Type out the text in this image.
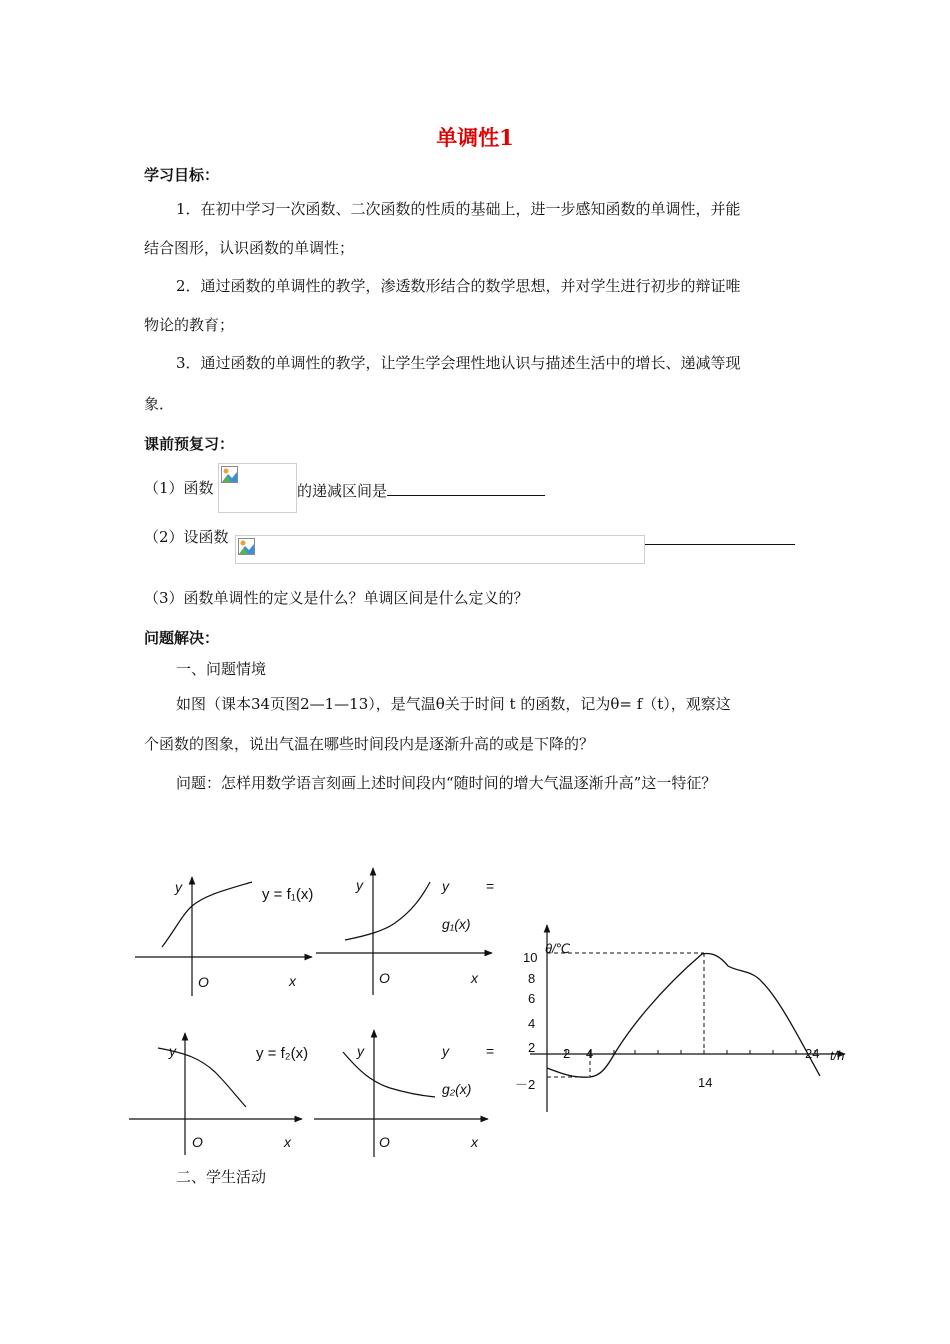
单调性1
学习目标：
1．在初中学习一次函数、二次函数的性质的基础上，进一步感知函数的单调性，并能
结合图形，认识函数的单调性；
2．通过函数的单调性的教学，渗透数形结合的数学思想，并对学生进行初步的辩证唯
物论的教育；
3．通过函数的单调性的教学，让学生学会理性地认识与描述生活中的增长、递减等现
象．
课前预复习：
（1）函数	的递减区间是
（2）设函数
（3）函数单调性的定义是什么？单调区间是什么定义的？
问题解决：
一、问题情境
如图（课本34页图2—1—13），是气温θ关于时间 t 的函数，记为θ= f（t），观察这
个函数的图象，说出气温在哪些时间段内是逐渐升高的或是下降的？
问题：怎样用数学语言刻画上述时间段内“随时间的增大气温逐渐升高”这一特征？
y
O	x
y = f₁(x)
y
O	x
y	=
g₁(x)
y
O	x
y = f₂(x)	y
O	x
y	=
g₂(x)
θ/℃
t/h
10
8
6
4
2
－2
2 4
14
24
二、学生活动
